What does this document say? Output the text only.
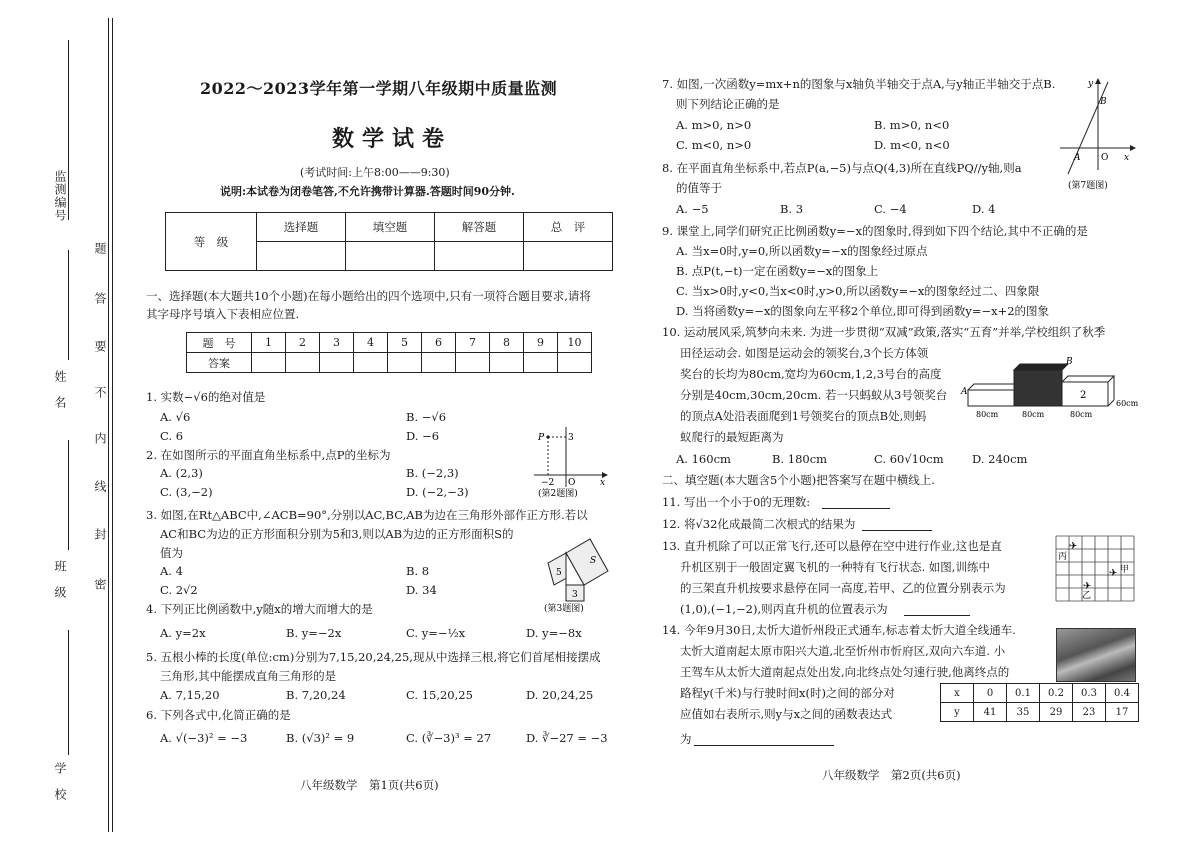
监测编号
姓　名
班　级
学　校
题
答
要
不
内
线
封
密
2022～2023学年第一学期八年级期中质量监测
数学试卷
(考试时间:上午8:00——9:30)
说明:本试卷为闭卷笔答,不允许携带计算器.答题时间90分钟.
等　级	选择题	填空题	解答题	总　评

一、选择题(本大题共10个小题)在每小题给出的四个选项中,只有一项符合题目要求,请将
其字母序号填入下表相应位置.
题　号	1	2	3	4	5	6	7	8	9	10
答案										
1. 实数−√6的绝对值是
A. √6	B. −√6
C. 6	D. −6
2. 在如图所示的平面直角坐标系中,点P的坐标为
A. (2,3)	B. (−2,3)
C. (3,−2)	D. (−2,−3)
P	3
−2 O	x
(第2题图)
3. 如图,在Rt△ABC中,∠ACB=90°,分别以AC,BC,AB为边在三角形外部作正方形.若以
AC和BC为边的正方形面积分别为5和3,则以AB为边的正方形面积S的
值为
A. 4	B. 8
C. 2√2	D. 34
S
5
3
(第3题图)
4. 下列正比例函数中,y随x的增大而增大的是
A. y=2x	B. y=−2x	C. y=−½x	D. y=−8x
5. 五根小棒的长度(单位:cm)分别为7,15,20,24,25,现从中选择三根,将它们首尾相接摆成
三角形,其中能摆成直角三角形的是
A. 7,15,20	B. 7,20,24	C. 15,20,25	D. 20,24,25
6. 下列各式中,化简正确的是
A. √(−3)² = −3	B. (√3)² = 9	C. (∛−3)³ = 27	D. ∛−27 = −3
八年级数学　第1页(共6页)
7. 如图,一次函数y=mx+n的图象与x轴负半轴交于点A,与y轴正半轴交于点B.
则下列结论正确的是
A. m>0, n>0	B. m>0, n<0
C. m<0, n>0	D. m<0, n<0
y
B
A O x
(第7题图)
8. 在平面直角坐标系中,若点P(a,−5)与点Q(4,3)所在直线PQ//y轴,则a
的值等于
A. −5	B. 3	C. −4	D. 4
9. 课堂上,同学们研究正比例函数y=−x的图象时,得到如下四个结论,其中不正确的是
A. 当x=0时,y=0,所以函数y=−x的图象经过原点
B. 点P(t,−t)一定在函数y=−x的图象上
C. 当x>0时,y<0,当x<0时,y>0,所以函数y=−x的图象经过二、四象限
D. 当将函数y=−x的图象向左平移2个单位,即可得到函数y=−x+2的图象
10. 运动展风采,筑梦向未来. 为进一步贯彻“双减”政策,落实“五育”并举,学校组织了秋季
田径运动会. 如图是运动会的领奖台,3个长方体领
奖台的长均为80cm,宽均为60cm,1,2,3号台的高度
分别是40cm,30cm,20cm. 若一只蚂蚁从3号领奖台
的顶点A处沿表面爬到1号领奖台的顶点B处,则蚂
蚁爬行的最短距离为
A. 160cm	B. 180cm	C. 60√10cm D. 240cm
A
B
2
80cm	80cm	80cm
60cm
二、填空题(本大题含5个小题)把答案写在题中横线上.
11. 写出一个小于0的无理数:
12. 将√32化成最简二次根式的结果为
13. 直升机除了可以正常飞行,还可以悬停在空中进行作业,这也是直
升机区别于一般固定翼飞机的一种特有飞行状态. 如图,训练中
的三架直升机按要求悬停在同一高度,若甲、乙的位置分别表示为
(1,0),(−1,−2),则丙直升机的位置表示为
丙
甲
乙
✈
✈
✈
14. 今年9月30日,太忻大道忻州段正式通车,标志着太忻大道全线通车.
太忻大道南起太原市阳兴大道,北至忻州市忻府区,双向六车道. 小
王驾车从太忻大道南起点处出发,向北终点处匀速行驶,他离终点的
路程y(千米)与行驶时间x(时)之间的部分对
应值如右表所示,则y与x之间的函数表达式
为
x	0	0.1	0.2	0.3	0.4
y	41	35	29	23	17
八年级数学　第2页(共6页)
